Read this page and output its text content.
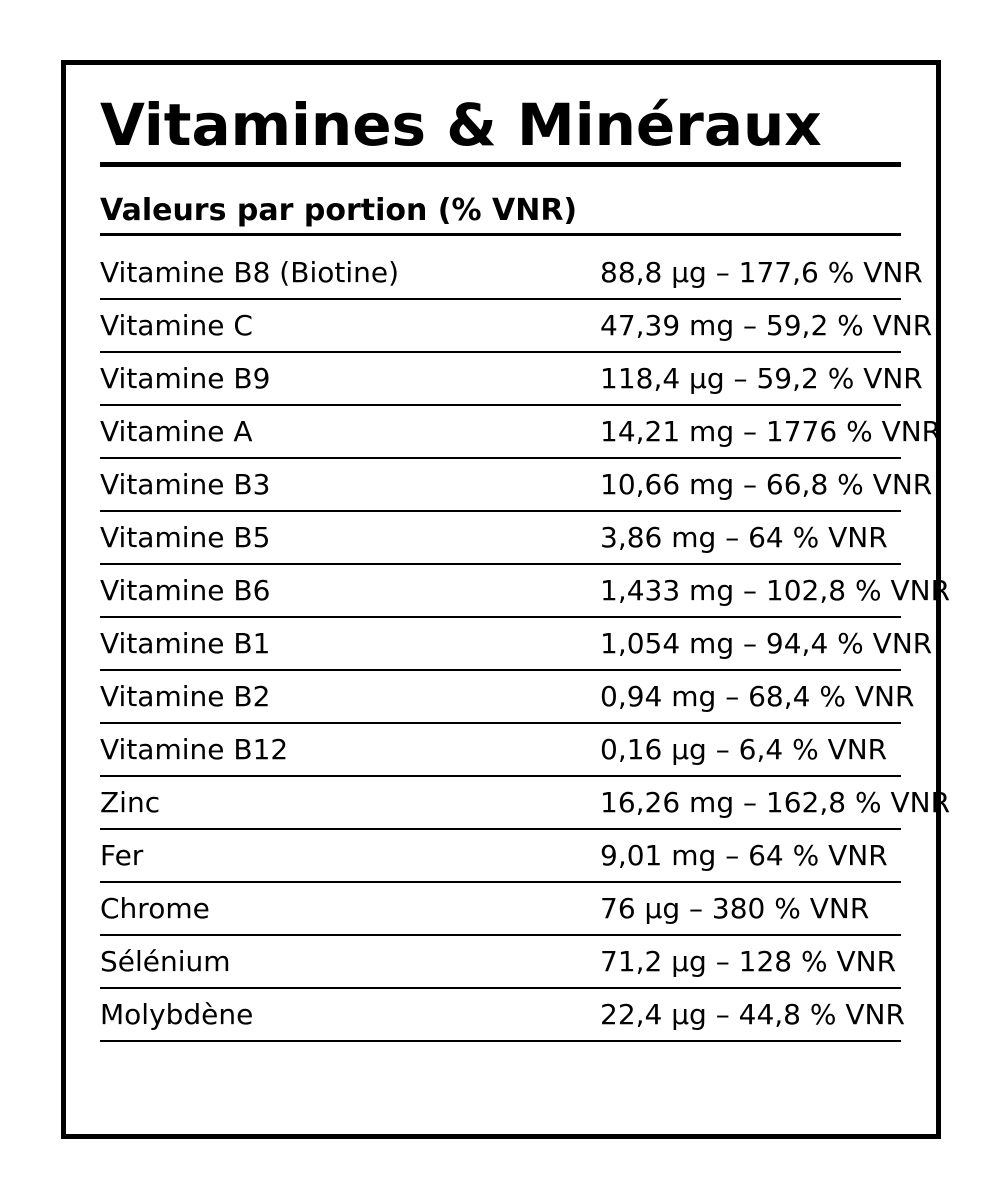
Vitamines & Minéraux
Valeurs par portion (% VNR)
Vitamine B8 (Biotine)	88,8 µg – 177,6 % VNR
Vitamine C	47,39 mg – 59,2 % VNR
Vitamine B9	118,4 µg – 59,2 % VNR
Vitamine A	14,21 mg – 1776 % VNR
Vitamine B3	10,66 mg – 66,8 % VNR
Vitamine B5	3,86 mg – 64 % VNR
Vitamine B6	1,433 mg – 102,8 % VNR
Vitamine B1	1,054 mg – 94,4 % VNR
Vitamine B2	0,94 mg – 68,4 % VNR
Vitamine B12	0,16 µg – 6,4 % VNR
Zinc	16,26 mg – 162,8 % VNR
Fer	9,01 mg – 64 % VNR
Chrome	76 µg – 380 % VNR
Sélénium	71,2 µg – 128 % VNR
Molybdène	22,4 µg – 44,8 % VNR
